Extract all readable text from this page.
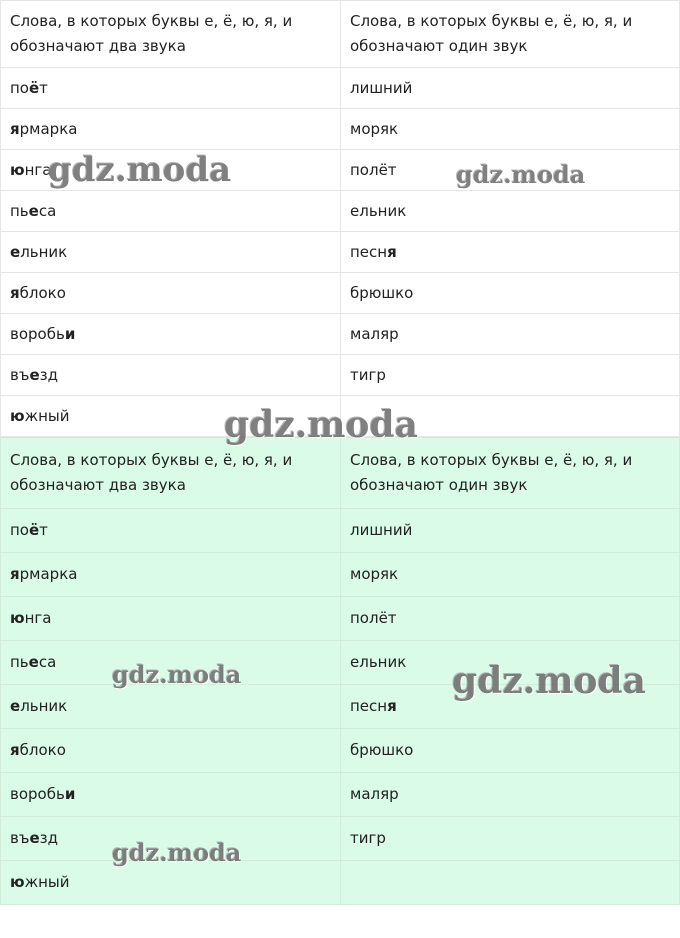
Слова, в которых буквы е, ё, ю, я, и обозначают два звука	Слова, в которых буквы е, ё, ю, я, и обозначают один звук
поёт	лишний
ярмарка	моряк
юнга	полёт
пьеса	ельник
ельник	песня
яблоко	брюшко
воробьи	маляр
въезд	тигр
южный	
Слова, в которых буквы е, ё, ю, я, и обозначают два звука	Слова, в которых буквы е, ё, ю, я, и обозначают один звук
поёт	лишний
ярмарка	моряк
юнга	полёт
пьеса	ельник
ельник	песня
яблоко	брюшко
воробьи	маляр
въезд	тигр
южный	
gdz.moda	gdz.moda
gdz.moda
gdz.moda	gdz.moda
gdz.moda
